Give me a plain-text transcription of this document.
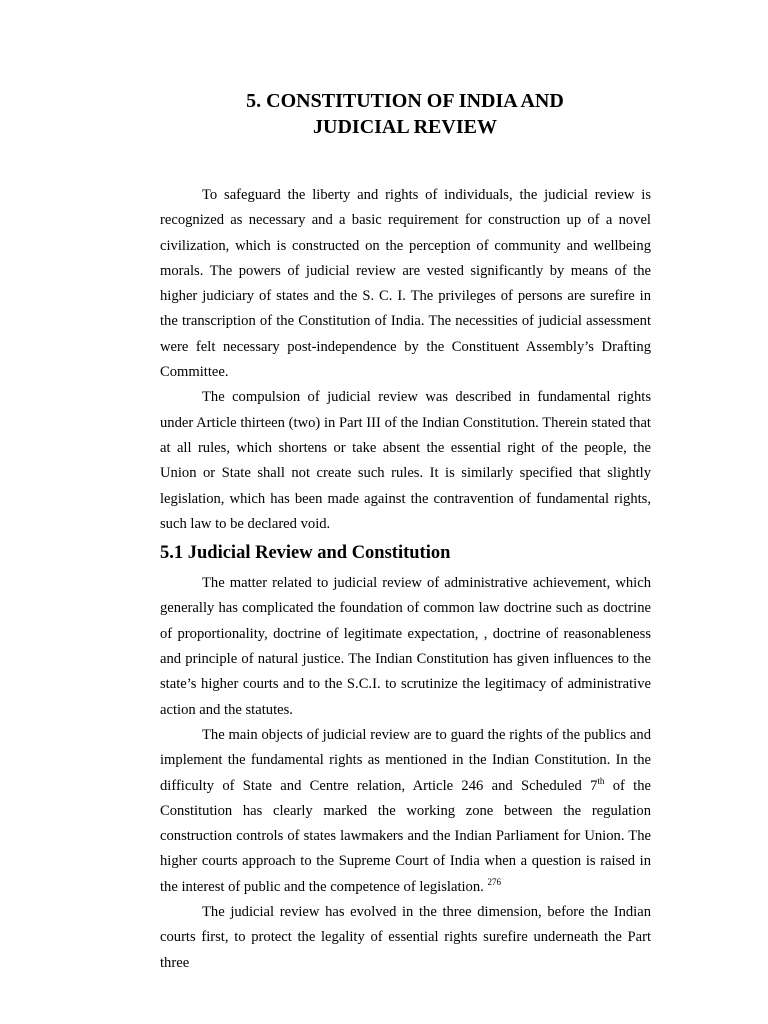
5. CONSTITUTION OF INDIA AND
JUDICIAL REVIEW

To safeguard the liberty and rights of individuals, the judicial review is recognized as necessary and a basic requirement for construction up of a novel civilization, which is constructed on the perception of community and wellbeing morals. The powers of judicial review are vested significantly by means of the higher judiciary of states and the S. C. I. The privileges of persons are surefire in the transcription of the Constitution of India. The necessities of judicial assessment were felt necessary post-independence by the Constituent Assembly’s Drafting Committee.

The compulsion of judicial review was described in fundamental rights under Article thirteen (two) in Part III of the Indian Constitution. Therein stated that at all rules, which shortens or take absent the essential right of the people, the Union or State shall not create such rules. It is similarly specified that slightly legislation, which has been made against the contravention of fundamental rights, such law to be declared void.

5.1 Judicial Review and Constitution

The matter related to judicial review of administrative achievement, which generally has complicated the foundation of common law doctrine such as doctrine of proportionality, doctrine of legitimate expectation, , doctrine of reasonableness and principle of natural justice. The Indian Constitution has given influences to the state’s higher courts and to the S.C.I. to scrutinize the legitimacy of administrative action and the statutes.

The main objects of judicial review are to guard the rights of the publics and implement the fundamental rights as mentioned in the Indian Constitution. In the difficulty of State and Centre relation, Article 246 and Scheduled 7th of the Constitution has clearly marked the working zone between the regulation construction controls of states lawmakers and the Indian Parliament for Union. The higher courts approach to the Supreme Court of India when a question is raised in the interest of public and the competence of legislation. $^{276}$

The judicial review has evolved in the three dimension, before the Indian courts first, to protect the legality of essential rights surefire underneath the Part three
